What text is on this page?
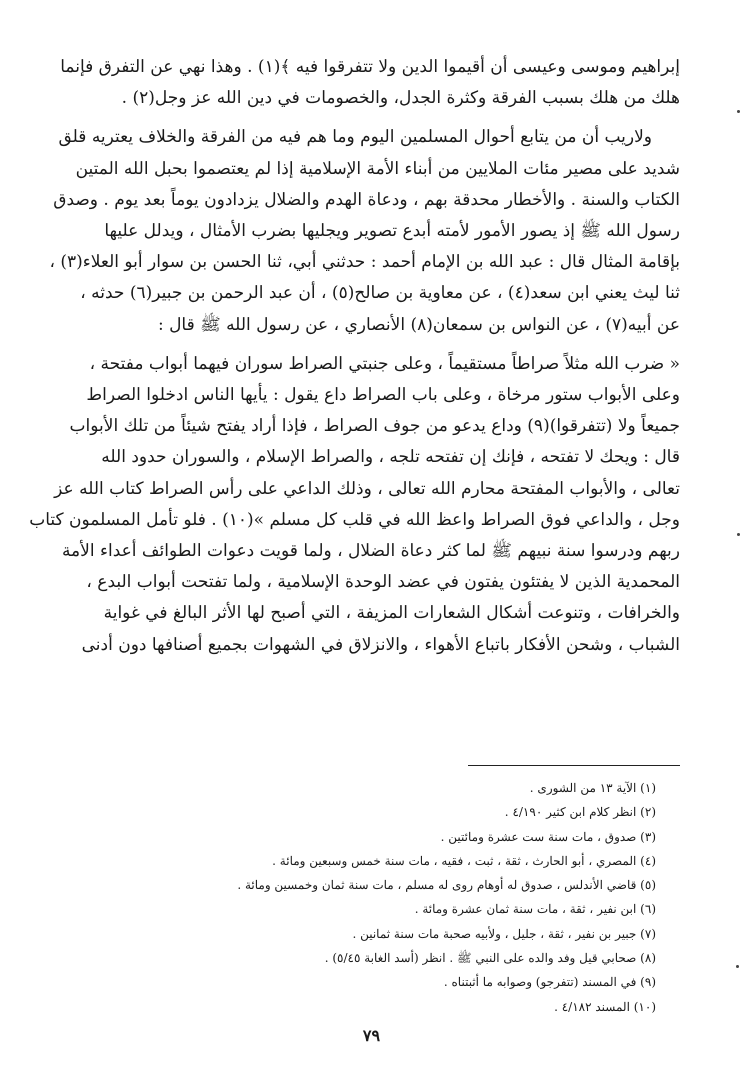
إبراهيم وموسى وعيسى أن أقيموا الدين ولا تتفرقوا فيه ﴾(١) . وهذا نهي عن التفرق فإنما

هلك من هلك بسبب الفرقة وكثرة الجدل، والخصومات في دين الله عز وجل(٢) .

ولاريب أن من يتابع أحوال المسلمين اليوم وما هم فيه من الفرقة والخلاف يعتريه قلق

شديد على مصير مئات الملايين من أبناء الأمة الإسلامية إذا لم يعتصموا بحبل الله المتين

الكتاب والسنة . والأخطار محدقة بهم ، ودعاة الهدم والضلال يزدادون يوماً بعد يوم . وصدق

رسول الله ﷺ إذ يصور الأمور لأمته أبدع تصوير ويجليها بضرب الأمثال ، ويدلل عليها

بإقامة المثال قال : عبد الله بن الإمام أحمد : حدثني أبي، ثنا الحسن بن سوار أبو العلاء(٣) ،

ثنا ليث يعني ابن سعد(٤) ، عن معاوية بن صالح(٥) ، أن عبد الرحمن بن جبير(٦) حدثه ،

عن أبيه(٧) ، عن النواس بن سمعان(٨) الأنصاري ، عن رسول الله ﷺ قال :

« ضرب الله مثلاً صراطاً مستقيماً ، وعلى جنبتي الصراط سوران فيهما أبواب مفتحة ،

وعلى الأبواب ستور مرخاة ، وعلى باب الصراط داع يقول : يأيها الناس ادخلوا الصراط

جميعاً ولا (تتفرقوا)(٩) وداع يدعو من جوف الصراط ، فإذا أراد يفتح شيئاً من تلك الأبواب

قال : ويحك لا تفتحه ، فإنك إن تفتحه تلجه ، والصراط الإسلام ، والسوران حدود الله

تعالى ، والأبواب المفتحة محارم الله تعالى ، وذلك الداعي على رأس الصراط كتاب الله عز

وجل ، والداعي فوق الصراط واعظ الله في قلب كل مسلم »(١٠) . فلو تأمل المسلمون كتاب

ربهم ودرسوا سنة نبيهم ﷺ لما كثر دعاة الضلال ، ولما قويت دعوات الطوائف أعداء الأمة

المحمدية الذين لا يفتئون يفتون في عضد الوحدة الإسلامية ، ولما تفتحت أبواب البدع ،

والخرافات ، وتنوعت أشكال الشعارات المزيفة ، التي أصبح لها الأثر البالغ في غواية

الشباب ، وشحن الأفكار باتباع الأهواء ، والانزلاق في الشهوات بجميع أصنافها دون أدنى

(١) الآية ١٣ من الشورى .

(٢) انظر كلام ابن كثير ٤/١٩٠ .

(٣) صدوق ، مات سنة ست عشرة ومائتين .

(٤) المصري ، أبو الحارث ، ثقة ، ثبت ، فقيه ، مات سنة خمس وسبعين ومائة .

(٥) قاضي الأندلس ، صدوق له أوهام روى له مسلم ، مات سنة ثمان وخمسين ومائة .

(٦) ابن نفير ، ثقة ، مات سنة ثمان عشرة ومائة .

(٧) جبير بن نفير ، ثقة ، جليل ، ولأبيه صحبة مات سنة ثمانين .

(٨) صحابي قيل وفد والده على النبي ﷺ . انظر (أسد الغابة ٥/٤٥) .

(٩) في المسند (تتفرجو) وصوابه ما أثبتناه .

(١٠) المسند ٤/١٨٢ .

٧٩
